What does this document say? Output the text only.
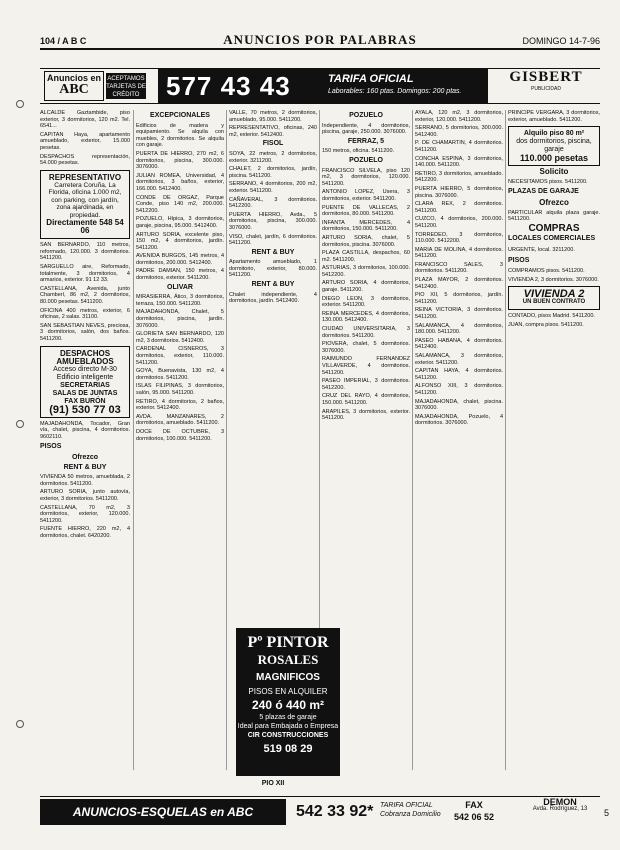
104 / A B C	ANUNCIOS POR PALABRAS	DOMINGO 14-7-96
Anuncios en
ABC
ACEPTAMOS TARJETAS DE CRÉDITO 577 43 43	TARIFA OFICIAL
Laborables: 160 ptas. Domingos: 200 ptas.
GISBERT
PUBLICIDAD

ALCALDE Gaztambide, piso exterior, 3 dormitorios, 120 m2. Tel. 6541...

CAPITAN Haya, apartamento amueblado, exterior, 15.000 pesetas.

DESPACHOS representación, 54.000 pesetas.

REPRESENTATIVO
Carretera Coruña, La Florida, oficina 1.000 m2, con parking, con jardín, zona ajardinada, en propiedad.
Directamente 548 54 06

SAN BERNARDO, 110 metros, reformado, 120.000. 3 dormitorios. 5411200.

SARGUELLO aire, Reformado, totalmente, 3 dormitorios, 4 armarios, exterior. 91 12 33.

CASTELLANA, Avenida, junto Chamberí, 86 m2, 2 dormitorios, 80.000 pesetas. 5411200.

OFICINA 400 metros, exterior, 6 oficinas, 2 salas. 31100.

SAN SEBASTIAN NEVES, preciosa, 3 dormitorios, salón, dos baños. 5411200.

DESPACHOS AMUEBLADOS
Acceso directo M-30
Edificio inteligente
SECRETARIAS
SALAS DE JUNTAS
FAX BURÓN
(91) 530 77 03

MAJADAHONDA, Tocador, Gran vía, chalet, piscina, 4 dormitorios. 9602110.

PISOS
Ofrezco
RENT & BUY

VIVIENDA 50 metros, amueblada, 2 dormitorios. 5411200.

ARTURO SORIA, junto autovía, exterior, 3 dormitorios. 5411200.

CASTELLANA, 70 m2, 3 dormitorios, exterior, 120.000. 5411200.

FUENTE HIERRO, 220 m2, 4 dormitorios, chalet. 6420200.

EXCEPCIONALES

Edificios de madera y equipamiento. Se alquila con muebles, 2 dormitorios. Se alquila con garaje.

PUERTA DE HIERRO, 270 m2, 6 dormitorios, piscina, 300.000. 3076000.

JULIAN ROMEA, Universidad, 4 dormitorios, 3 baños, exterior, 166.000. 5412400.

CONDE DE ORGAZ, Parque Conde, piso 140 m2, 200.000. 5412200.

POZUELO, Hípica, 3 dormitorios, garaje, piscina, 95.000. 5412400.

ARTURO SORIA, excelente piso, 150 m2, 4 dormitorios, jardín. 5411200.

AVENIDA BURGOS, 145 metros, 4 dormitorios, 200.000. 5412400.

PADRE DAMIAN, 150 metros, 4 dormitorios, exterior. 5411200.

OLIVAR

MIRASIERRA, Ático, 3 dormitorios, terraza, 150.000. 5411200.

MAJADAHONDA, Chalet, 5 dormitorios, piscina, jardín. 3076000.

GLORIETA SAN BERNARDO, 120 m2, 3 dormitorios. 5412400.

CARDENAL CISNEROS, 3 dormitorios, exterior, 110.000. 5411200.

GOYA, Buenavista, 130 m2, 4 dormitorios. 5411200.

ISLAS FILIPINAS, 3 dormitorios, salón, 95.000. 5411200.

RETIRO, 4 dormitorios, 2 baños, exterior. 5412400.

AVDA. MANZANARES, 2 dormitorios, amueblado. 5411200.

DOCE DE OCTUBRE, 3 dormitorios, 100.000. 5411200.

VALLE, 70 metros, 2 dormitorios, amueblado, 95.000. 5411200.

REPRESENTATIVO, oficinas, 240 m2, exterior. 5412400.

FISOL

SOYA, 22 metros, 2 dormitorios, exterior. 3211200.

CHALET, 2 dormitorios, jardín, piscina. 5411200.

SERRANO, 4 dormitorios, 200 m2, exterior. 5411200.

CAÑAVERAL, 3 dormitorios. 5412200.

PUERTA HIERRO, Avda., 5 dormitorios, piscina, 300.000. 3076000.

VISO, chalet, jardín, 6 dormitorios. 5411200.

RENT & BUY

Apartamento amueblado, 1 dormitorio, exterior, 80.000. 5411200.

RENT & BUY

Chalet independiente, 4 dormitorios, jardín. 5412400.

Pº PINTOR
ROSALES
MAGNIFICOS
PISOS EN ALQUILER
240 ó 440 m²
5 plazas de garaje
Ideal para Embajada o Empresa
CIR CONSTRUCCIONES
519 08 29
PIO XII
POZUELO

Independiente, 4 dormitorios, piscina, garaje, 250.000. 3076000.

FERRAZ, 5

150 metros, oficina. 5411200.

POZUELO

FRANCISCO SILVELA, piso 120 m2, 3 dormitorios, 120.000. 5411200.

ANTONIO LOPEZ, Usera, 3 dormitorios, exterior. 5411200.

PUENTE DE VALLECAS, 2 dormitorios, 80.000. 5411200.

INFANTA MERCEDES, 4 dormitorios, 150.000. 5411200.

ARTURO SORIA, chalet, 5 dormitorios, piscina. 3076000.

PLAZA CASTILLA, despachos, 60 m2. 5411200.

ASTURIAS, 3 dormitorios, 100.000. 5412200.

ARTURO SORIA, 4 dormitorios, garaje. 5411200.

DIEGO LEON, 3 dormitorios, exterior. 5411200.

REINA MERCEDES, 4 dormitorios, 130.000. 5412400.

CIUDAD UNIVERSITARIA, 3 dormitorios. 5411200.

PIOVERA, chalet, 5 dormitorios. 3076000.

RAIMUNDO FERNANDEZ VILLAVERDE, 4 dormitorios. 5411200.

PASEO IMPERIAL, 3 dormitorios. 5412200.

CRUZ DEL RAYO, 4 dormitorios, 150.000. 5411200.

ARAPILES, 3 dormitorios, exterior. 5411200.

AYALA, 120 m2, 3 dormitorios, exterior, 120.000. 5411200.

SERRANO, 5 dormitorios, 300.000. 5412400.

P. DE CHAMARTIN, 4 dormitorios. 5411200.

CONCHA ESPINA, 3 dormitorios, 140.000. 5411200.

RETIRO, 3 dormitorios, amueblado. 5412200.

PUERTA HIERRO, 5 dormitorios, piscina. 3076000.

CLARA REX, 2 dormitorios. 5411200.

CUZCO, 4 dormitorios, 200.000. 5411200.

TORREDEO, 3 dormitorios, 110.000. 5412200.

MARIA DE MOLINA, 4 dormitorios. 5411200.

FRANCISCO SALES, 3 dormitorios. 5411200.

PLAZA MAYOR, 2 dormitorios. 5412400.

PIO XII, 5 dormitorios, jardín. 5411200.

REINA VICTORIA, 3 dormitorios. 5411200.

SALAMANCA, 4 dormitorios, 180.000. 5411200.

PASEO HABANA, 4 dormitorios. 5412400.

SALAMANCA, 3 dormitorios, exterior. 5411200.

CAPITAN HAYA, 4 dormitorios. 5411200.

ALFONSO XIII, 3 dormitorios. 5411200.

MAJADAHONDA, chalet, piscina. 3076000.

MAJADAHONDA, Pozuelo, 4 dormitorios. 3076000.

PRINCIPE VERGARA, 3 dormitorios, exterior, amueblado. 5411200.

Alquilo piso 80 m²
dos dormitorios, piscina, garaje
110.000 pesetas
Solicito

NECESITAMOS pisos. 5411200.

PLAZAS DE GARAJE
Ofrezco

PARTICULAR alquila plaza garaje. 5411200.

COMPRAS
LOCALES COMERCIALES

URGENTE, local. 3211200.

PISOS

COMPRAMOS pisos. 5411200.

VIVIENDA 2, 3 dormitorios. 3076000.

VIVIENDA 2
UN BUEN CONTRATO

CONTADO, pisos Madrid. 5411200.

JUAN, compra pisos. 5411200.

ANUNCIOS-ESQUELAS en ABC	542 33 92* TARIFA OFICIAL
Cobranza Domicilio
FAX
542 06 52
DEMON
Avda. Rodríguez, 13	5
